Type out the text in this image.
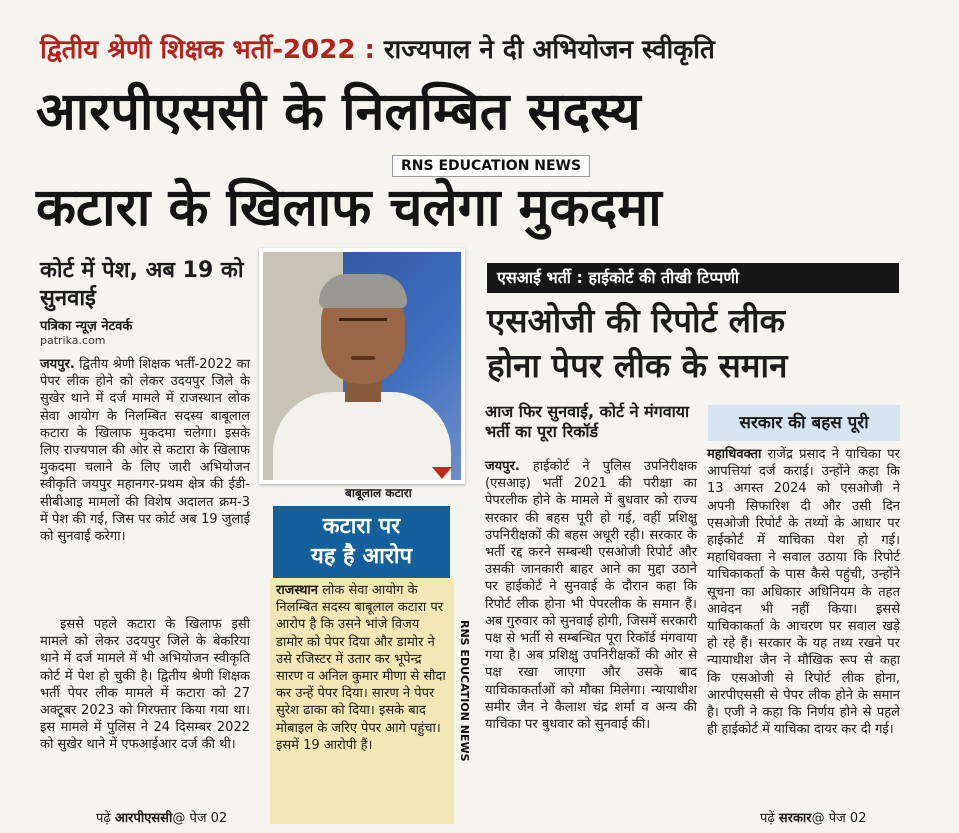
द्वितीय श्रेणी शिक्षक भर्ती-2022 : राज्यपाल ने दी अभियोजन स्वीकृति
आरपीएससी के निलम्बित सदस्य
कटारा के खिलाफ चलेगा मुकदमा
RNS EDUCATION NEWS
कोर्ट में पेश, अब 19 को सुनवाई
पत्रिका न्यूज़ नेटवर्क
patrika.com
जयपुर. द्वितीय श्रेणी शिक्षक भर्ती-2022 का पेपर लीक होने को लेकर उदयपुर जिले के सुखेर थाने में दर्ज मामले में राजस्थान लोक सेवा आयोग के निलम्बित सदस्य बाबूलाल कटारा के खिलाफ मुकदमा चलेगा। इसके लिए राज्यपाल की ओर से कटारा के खिलाफ मुकदमा चलाने के लिए जारी अभियोजन स्वीकृति जयपुर महानगर-प्रथम क्षेत्र की ईडी-सीबीआइ मामलों की विशेष अदालत क्रम-3 में पेश की गई, जिस पर कोर्ट अब 19 जुलाई को सुनवाई करेगा।
इससे पहले कटारा के खिलाफ इसी मामले को लेकर उदयपुर जिले के बेकरिया थाने में दर्ज मामले में भी अभियोजन स्वीकृति कोर्ट में पेश हो चुकी है। द्वितीय श्रेणी शिक्षक भर्ती पेपर लीक मामले में कटारा को 27 अक्टूबर 2023 को गिरफ्तार किया गया था। इस मामले में पुलिस ने 24 दिसम्बर 2022 को सुखेर थाने में एफआईआर दर्ज की थी।
पढ़ें आरपीएससी@ पेज 02
बाबूलाल कटारा
कटारा पर
यह है आरोप
राजस्थान लोक सेवा आयोग के निलम्बित सदस्य बाबूलाल कटारा पर आरोप है कि उसने भांजे विजय डामोर को पेपर दिया और डामोर ने उसे रजिस्टर में उतार कर भूपेन्द्र सारण व अनिल कुमार मीणा से सौदा कर उन्हें पेपर दिया। सारण ने पेपर सुरेश ढाका को दिया। इसके बाद मोबाइल के जरिए पेपर आगे पहुंचा। इसमें 19 आरोपी हैं।	RNS EDUCATION NEWS
एसआई भर्ती : हाईकोर्ट की तीखी टिप्पणी
एसओजी की रिपोर्ट लीक
होना पेपर लीक के समान
आज फिर सुनवाई, कोर्ट ने मंगवाया भर्ती का पूरा रिकॉर्ड
जयपुर. हाईकोर्ट ने पुलिस उपनिरीक्षक (एसआइ) भर्ती 2021 की परीक्षा का पेपरलीक होने के मामले में बुधवार को राज्य सरकार की बहस पूरी हो गई, वहीं प्रशिक्षु उपनिरीक्षकों की बहस अधूरी रही। सरकार के भर्ती रद्द करने सम्बन्धी एसओजी रिपोर्ट और उसकी जानकारी बाहर आने का मुद्दा उठाने पर हाईकोर्ट ने सुनवाई के दौरान कहा कि रिपोर्ट लीक होना भी पेपरलीक के समान हैं। अब गुरुवार को सुनवाई होगी, जिसमें सरकारी पक्ष से भर्ती से सम्बन्धित पूरा रिकॉर्ड मंगवाया गया है। अब प्रशिक्षु उपनिरीक्षकों की ओर से पक्ष रखा जाएगा और उसके बाद याचिकाकर्ताओं को मौका मिलेगा। न्यायाधीश समीर जैन ने कैलाश चंद्र शर्मा व अन्य की याचिका पर बुधवार को सुनवाई की।
सरकार की बहस पूरी
महाधिवक्ता राजेंद्र प्रसाद ने याचिका पर आपत्तियां दर्ज कराई। उन्होंने कहा कि 13 अगस्त 2024 को एसओजी ने अपनी सिफारिश दी और उसी दिन एसओजी रिपोर्ट के तथ्यों के आधार पर हाईकोर्ट में याचिका पेश हो गई। महाधिवक्ता ने सवाल उठाया कि रिपोर्ट याचिकाकर्ता के पास कैसे पहुंची, उन्होंने सूचना का अधिकार अधिनियम के तहत आवेदन भी नहीं किया। इससे याचिकाकर्ता के आचरण पर सवाल खड़े हो रहे हैं। सरकार के यह तथ्य रखने पर न्यायाधीश जैन ने मौखिक रूप से कहा कि एसओजी से रिपोर्ट लीक होना, आरपीएससी से पेपर लीक होने के समान है। एजी ने कहा कि निर्णय होने से पहले ही हाईकोर्ट में याचिका दायर कर दी गई।
पढ़ें सरकार@ पेज 02
